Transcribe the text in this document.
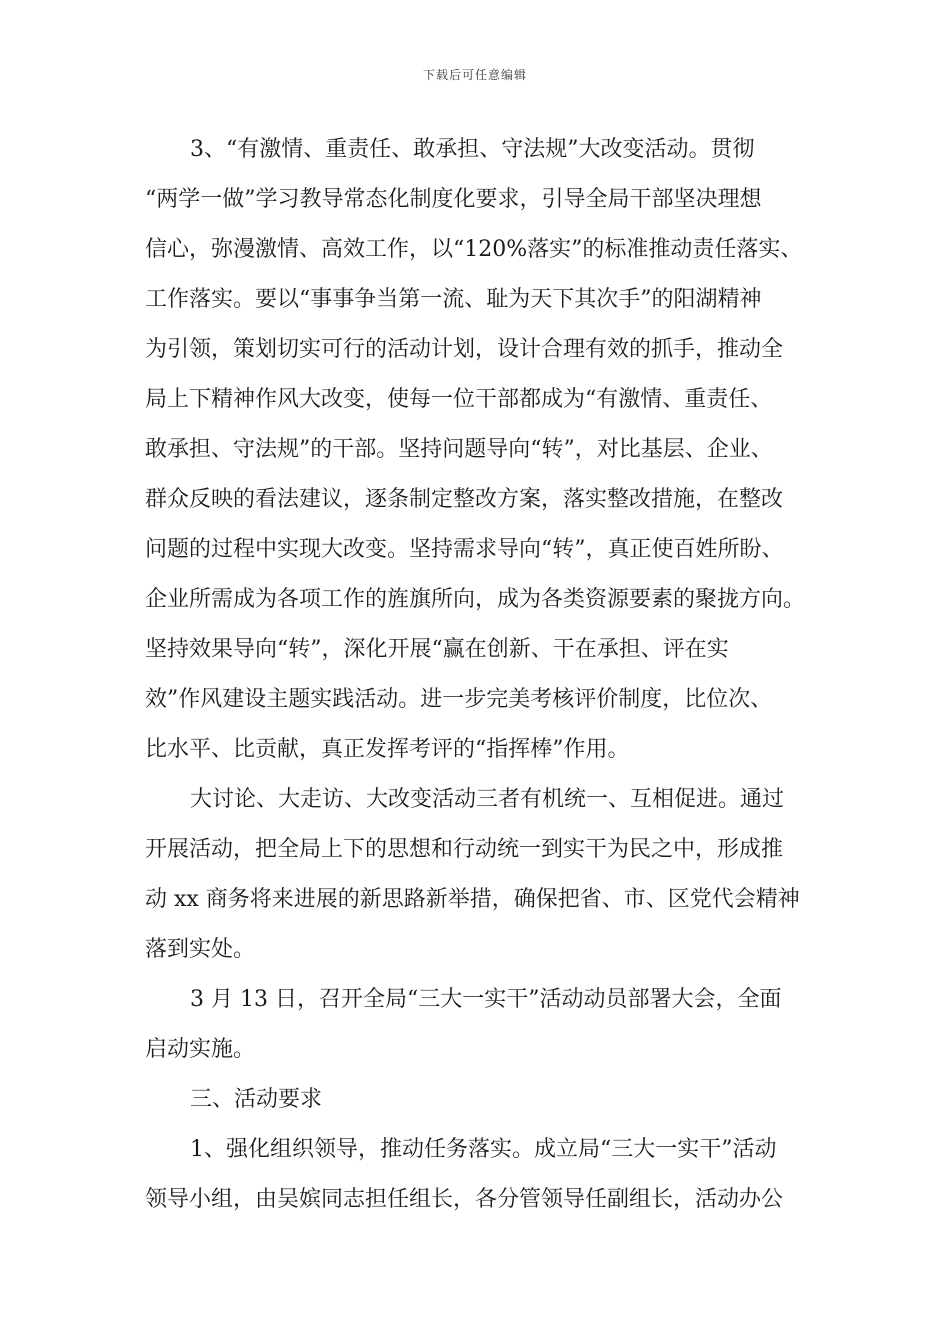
下载后可任意编辑
3、“有激情、重责任、敢承担、守法规”大改变活动。贯彻
“两学一做”学习教导常态化制度化要求，引导全局干部坚决理想
信心，弥漫激情、高效工作，以“120%落实”的标准推动责任落实、
工作落实。要以“事事争当第一流、耻为天下其次手”的阳湖精神
为引领，策划切实可行的活动计划，设计合理有效的抓手，推动全
局上下精神作风大改变，使每一位干部都成为“有激情、重责任、
敢承担、守法规”的干部。坚持问题导向“转”，对比基层、企业、
群众反映的看法建议，逐条制定整改方案，落实整改措施，在整改
问题的过程中实现大改变。坚持需求导向“转”，真正使百姓所盼、
企业所需成为各项工作的旌旗所向，成为各类资源要素的聚拢方向。
坚持效果导向“转”，深化开展“赢在创新、干在承担、评在实
效”作风建设主题实践活动。进一步完美考核评价制度，比位次、
比水平、比贡献，真正发挥考评的“指挥棒”作用。
大讨论、大走访、大改变活动三者有机统一、互相促进。通过
开展活动，把全局上下的思想和行动统一到实干为民之中，形成推
动 xx 商务将来进展的新思路新举措，确保把省、市、区党代会精神
落到实处。
3 月 13 日，召开全局“三大一实干”活动动员部署大会，全面
启动实施。
三、活动要求
1、强化组织领导，推动任务落实。成立局“三大一实干”活动
领导小组，由吴嫔同志担任组长，各分管领导任副组长，活动办公
